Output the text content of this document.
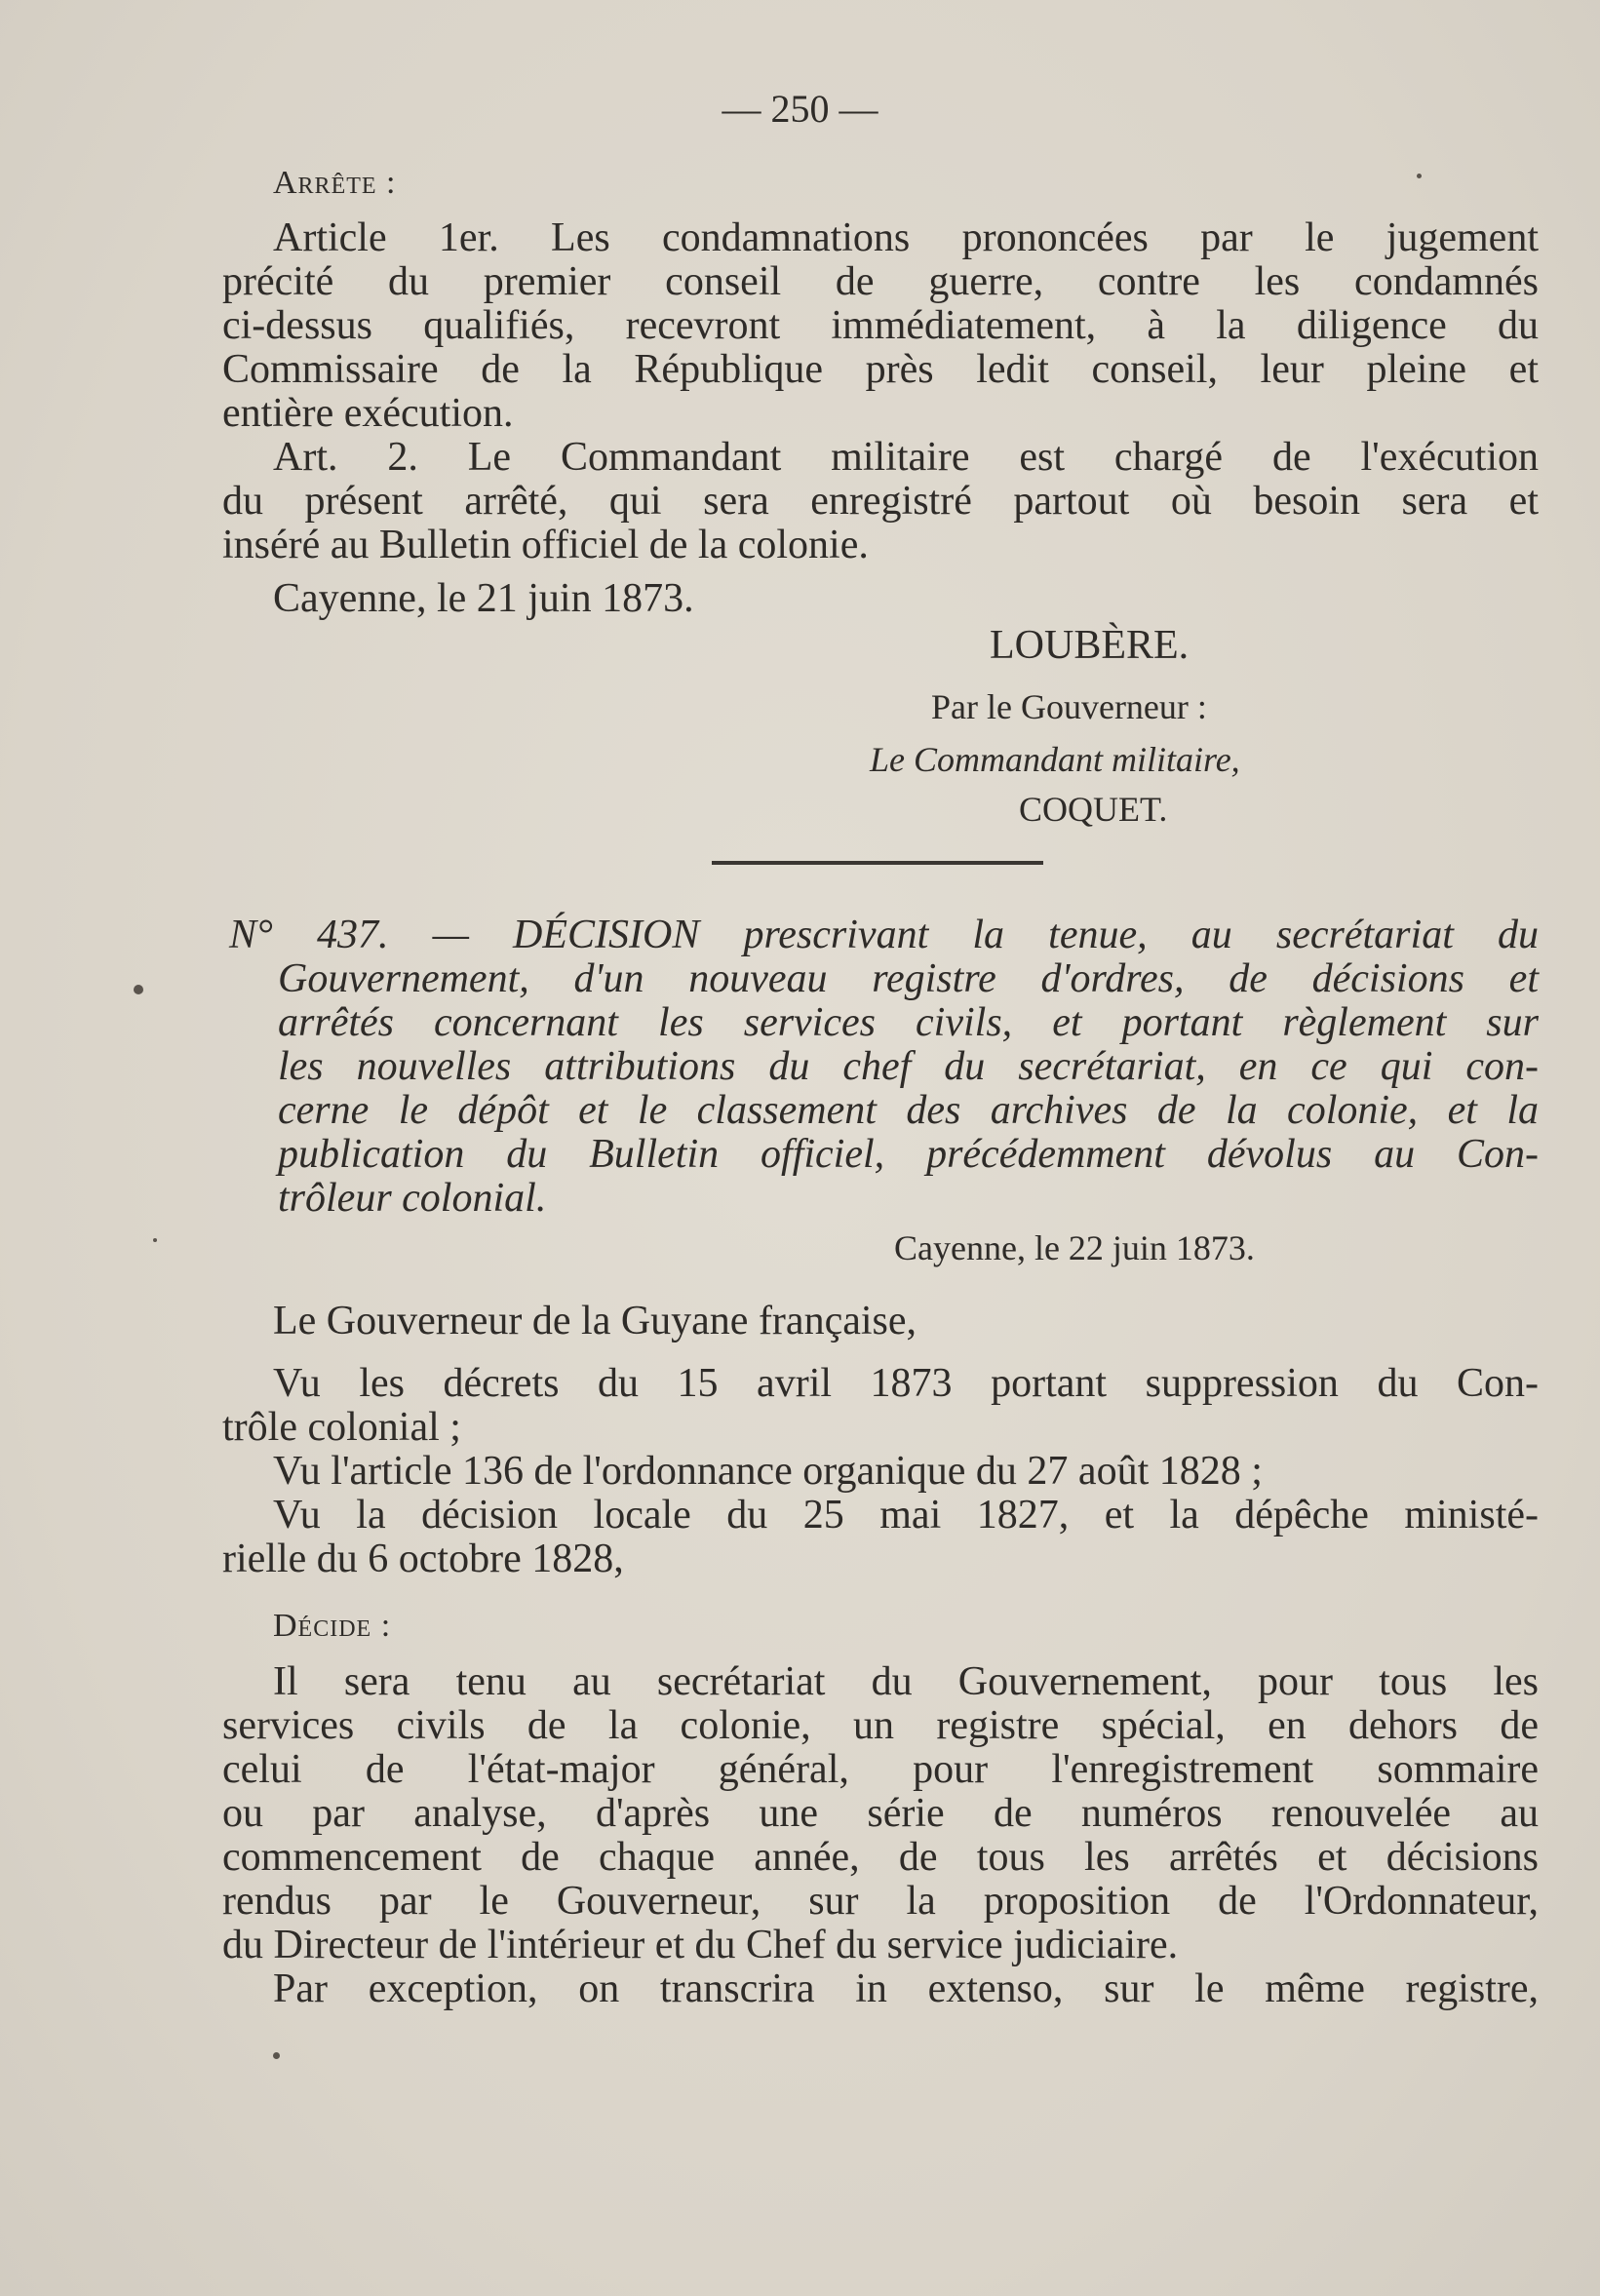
— 250 —
Arrête :
Article 1er. Les condamnations prononcées par le jugement
précité du premier conseil de guerre, contre les condamnés
ci-dessus qualifiés, recevront immédiatement, à la diligence du
Commissaire de la République près ledit conseil, leur pleine et
entière exécution.
Art. 2. Le Commandant militaire est chargé de l'exécution
du présent arrêté, qui sera enregistré partout où besoin sera et
inséré au Bulletin officiel de la colonie.
Cayenne, le 21 juin 1873.
LOUBÈRE.
Par le Gouverneur :
Le Commandant militaire,
COQUET.
N° 437. — DÉCISION prescrivant la tenue, au secrétariat du
Gouvernement, d'un nouveau registre d'ordres, de décisions et
arrêtés concernant les services civils, et portant règlement sur
les nouvelles attributions du chef du secrétariat, en ce qui con-
cerne le dépôt et le classement des archives de la colonie, et la
publication du Bulletin officiel, précédemment dévolus au Con-
trôleur colonial.
Cayenne, le 22 juin 1873.
Le Gouverneur de la Guyane française,
Vu les décrets du 15 avril 1873 portant suppression du Con-
trôle colonial ;
Vu l'article 136 de l'ordonnance organique du 27 août 1828 ;
Vu la décision locale du 25 mai 1827, et la dépêche ministé-
rielle du 6 octobre 1828,
Décide :
Il sera tenu au secrétariat du Gouvernement, pour tous les
services civils de la colonie, un registre spécial, en dehors de
celui de l'état-major général, pour l'enregistrement sommaire
ou par analyse, d'après une série de numéros renouvelée au
commencement de chaque année, de tous les arrêtés et décisions
rendus par le Gouverneur, sur la proposition de l'Ordonnateur,
du Directeur de l'intérieur et du Chef du service judiciaire.
Par exception, on transcrira in extenso, sur le même registre,
